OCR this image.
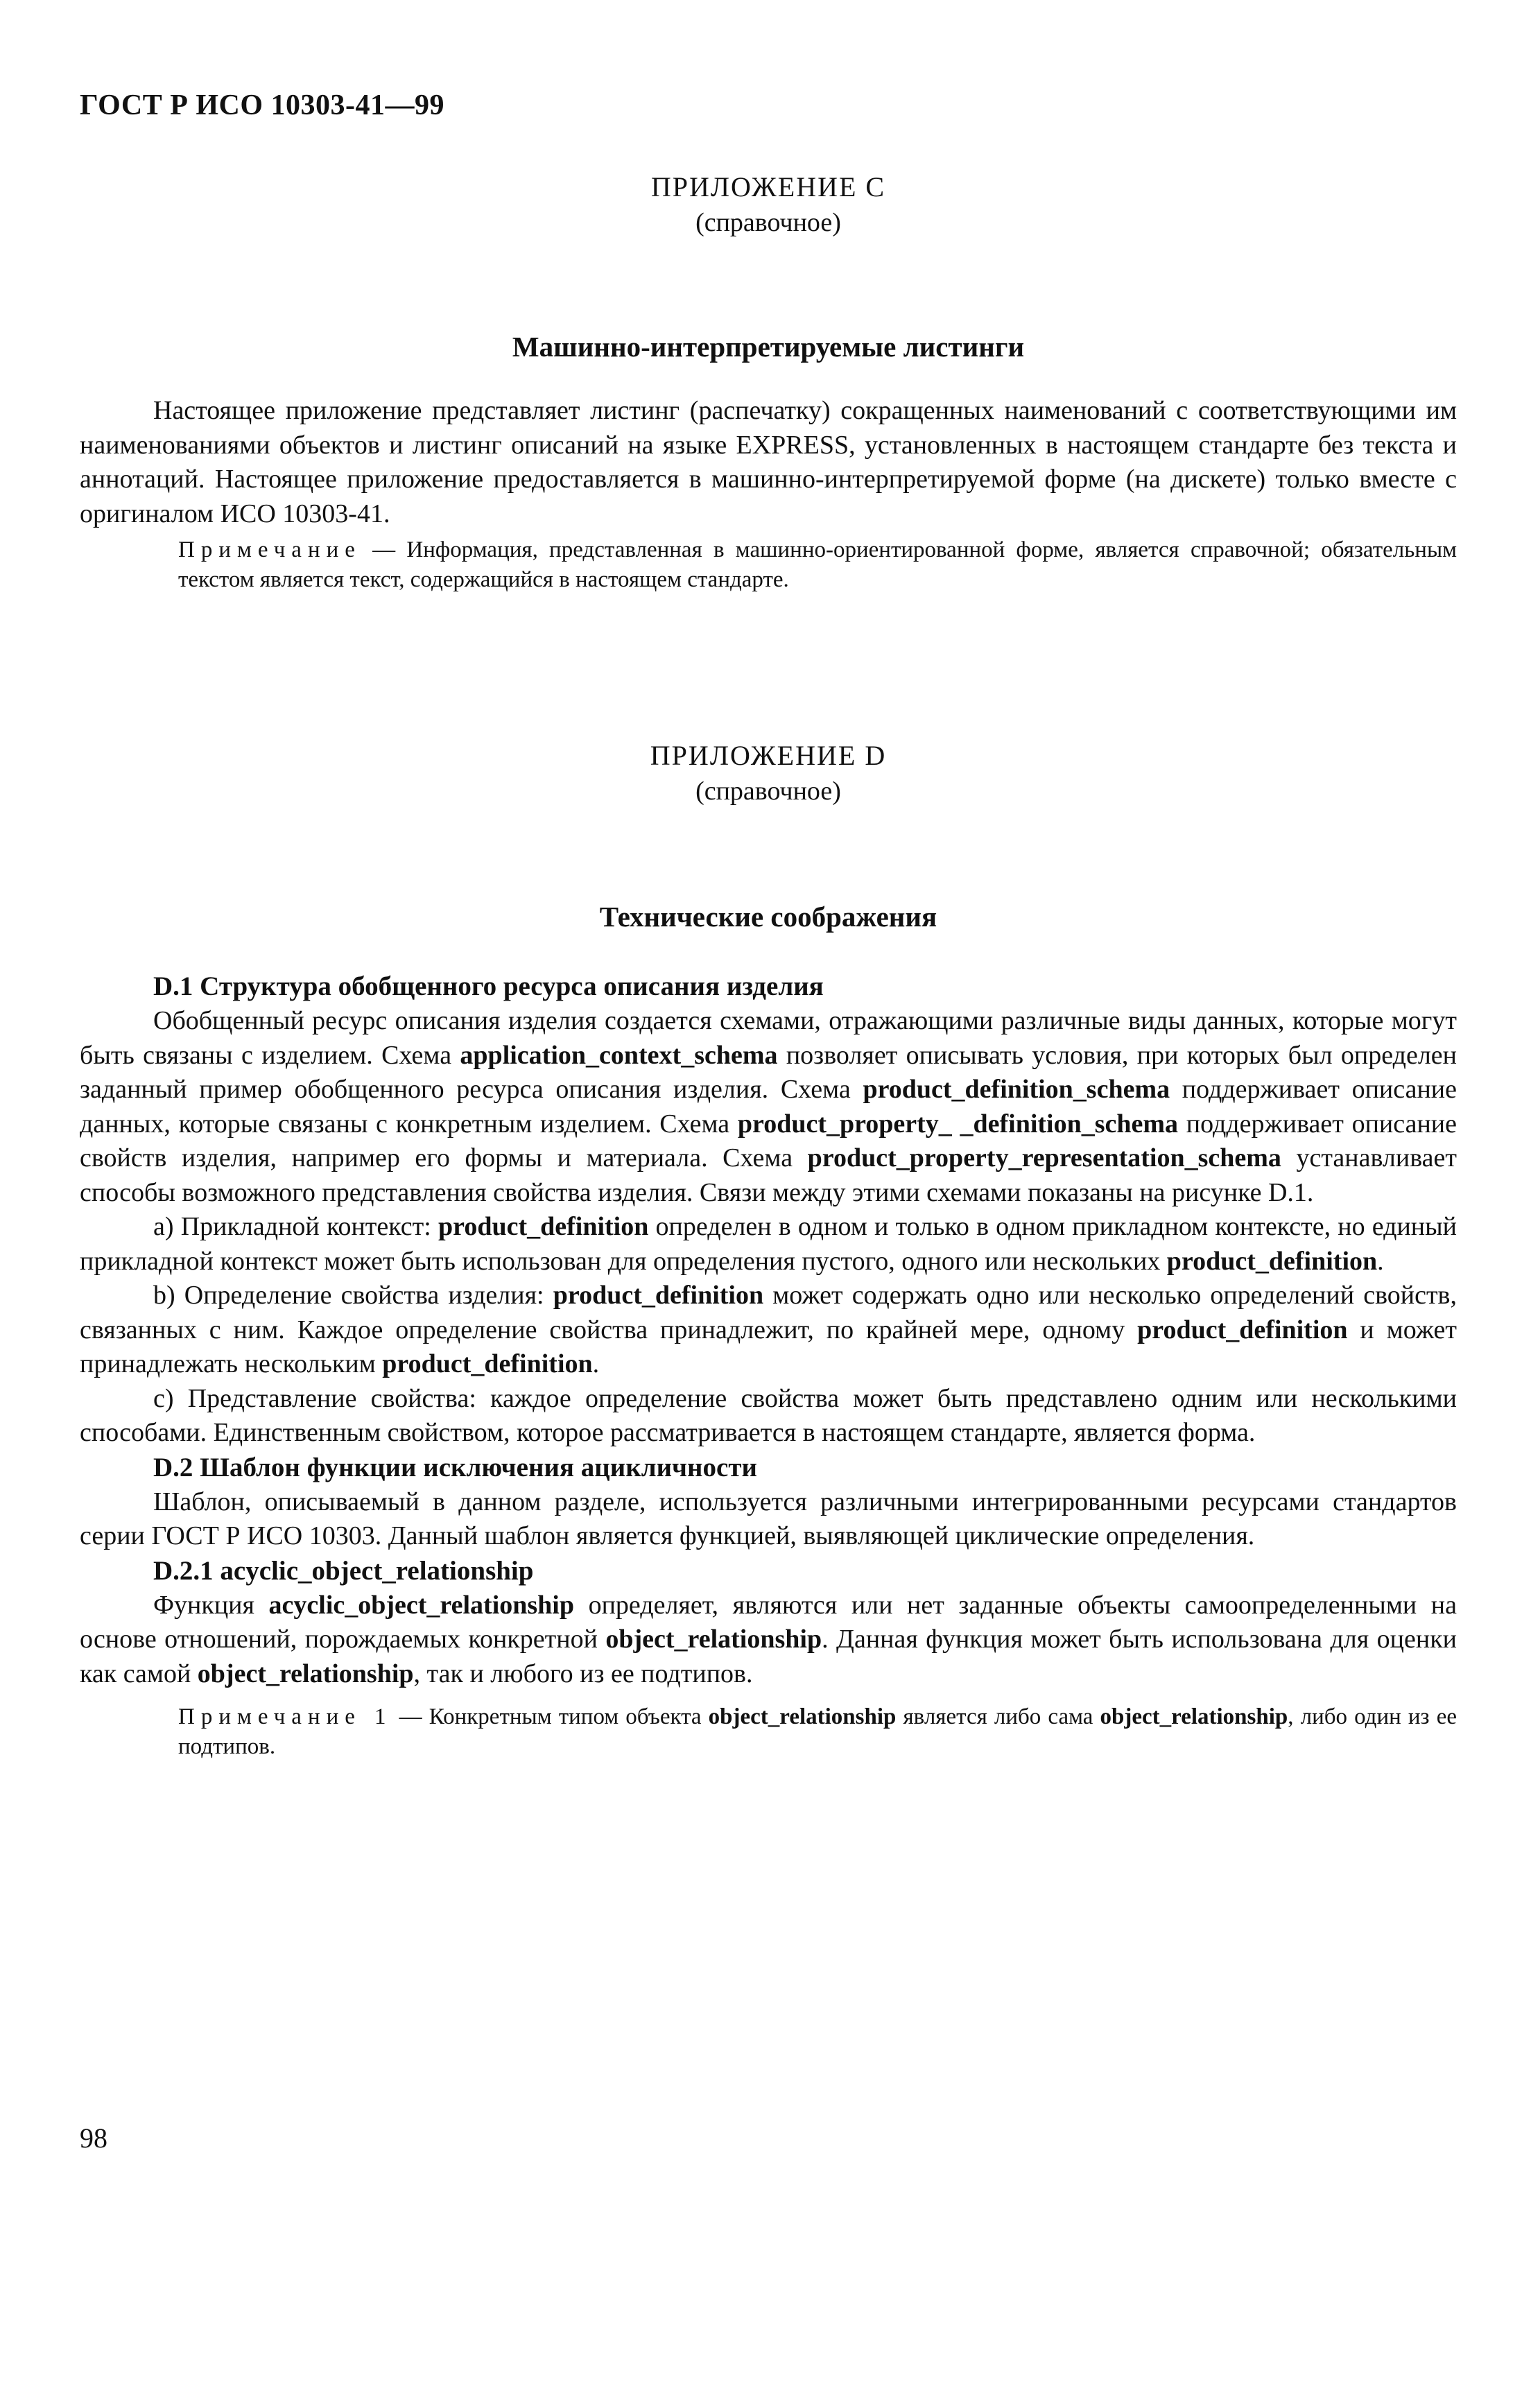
ГОСТ Р ИСО 10303-41—99
ПРИЛОЖЕНИЕ С
(справочное)
Машинно-интерпретируемые листинги

Настоящее приложение представляет листинг (распечатку) сокращенных наименований с соответствующими им наименованиями объектов и листинг описаний на языке EXPRESS, установленных в настоящем стандарте без текста и аннотаций. Настоящее приложение предоставляется в машинно-интерпретируемой форме (на дискете) только вместе с оригиналом ИСО 10303-41.

Примечание — Информация, представленная в машинно-ориентированной форме, является справочной; обязательным текстом является текст, содержащийся в настоящем стандарте.

ПРИЛОЖЕНИЕ D
(справочное)
Технические соображения

D.1 Структура обобщенного ресурса описания изделия

Обобщенный ресурс описания изделия создается схемами, отражающими различные виды данных, которые могут быть связаны с изделием. Схема application_context_schema позволяет описывать условия, при которых был определен заданный пример обобщенного ресурса описания изделия. Схема product_definition_schema поддерживает описание данных, которые связаны с конкретным изделием. Схема product_property_ _definition_schema поддерживает описание свойств изделия, например его формы и материала. Схема product_property_representation_schema устанавливает способы возможного представления свойства изделия. Связи между этими схемами показаны на рисунке D.1.

а) Прикладной контекст: product_definition определен в одном и только в одном прикладном контексте, но единый прикладной контекст может быть использован для определения пустого, одного или нескольких product_definition.

b) Определение свойства изделия: product_definition может содержать одно или несколько определений свойств, связанных с ним. Каждое определение свойства принадлежит, по крайней мере, одному product_definition и может принадлежать нескольким product_definition.

с) Представление свойства: каждое определение свойства может быть представлено одним или несколькими способами. Единственным свойством, которое рассматривается в настоящем стандарте, является форма.

D.2 Шаблон функции исключения ацикличности

Шаблон, описываемый в данном разделе, используется различными интегрированными ресурсами стандартов серии ГОСТ Р ИСО 10303. Данный шаблон является функцией, выявляющей циклические определения.

D.2.1 acyclic_object_relationship

Функция acyclic_object_relationship определяет, являются или нет заданные объекты самоопределенными на основе отношений, порождаемых конкретной object_relationship. Данная функция может быть использована для оценки как самой object_relationship, так и любого из ее подтипов.

Примечание 1 — Конкретным типом объекта object_relationship является либо сама object_relationship, либо один из ее подтипов.

98
